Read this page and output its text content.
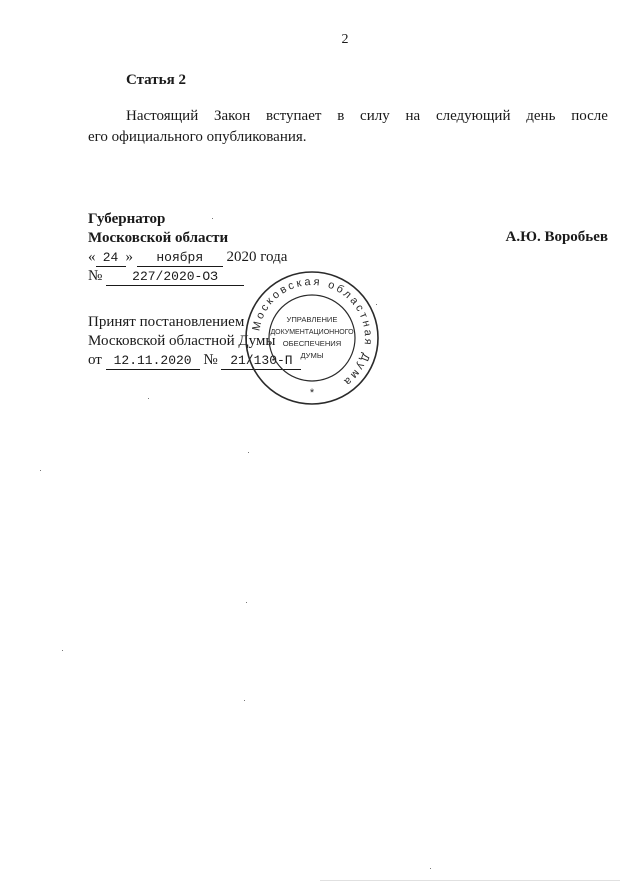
2
Статья 2
Настоящий Закон вступает в силу на следующий день после
его официального опубликования.
Губернатор
Московской области	А.Ю. Воробьев
« 24 » ноября 2020 года
№ 227/2020-ОЗ
Принят постановлением
Московской областной Думы
от 12.11.2020 № 21/130-П
Московская областная Дума
УПРАВЛЕНИЕ
ДОКУМЕНТАЦИОННОГО
ОБЕСПЕЧЕНИЯ
ДУМЫ
*
